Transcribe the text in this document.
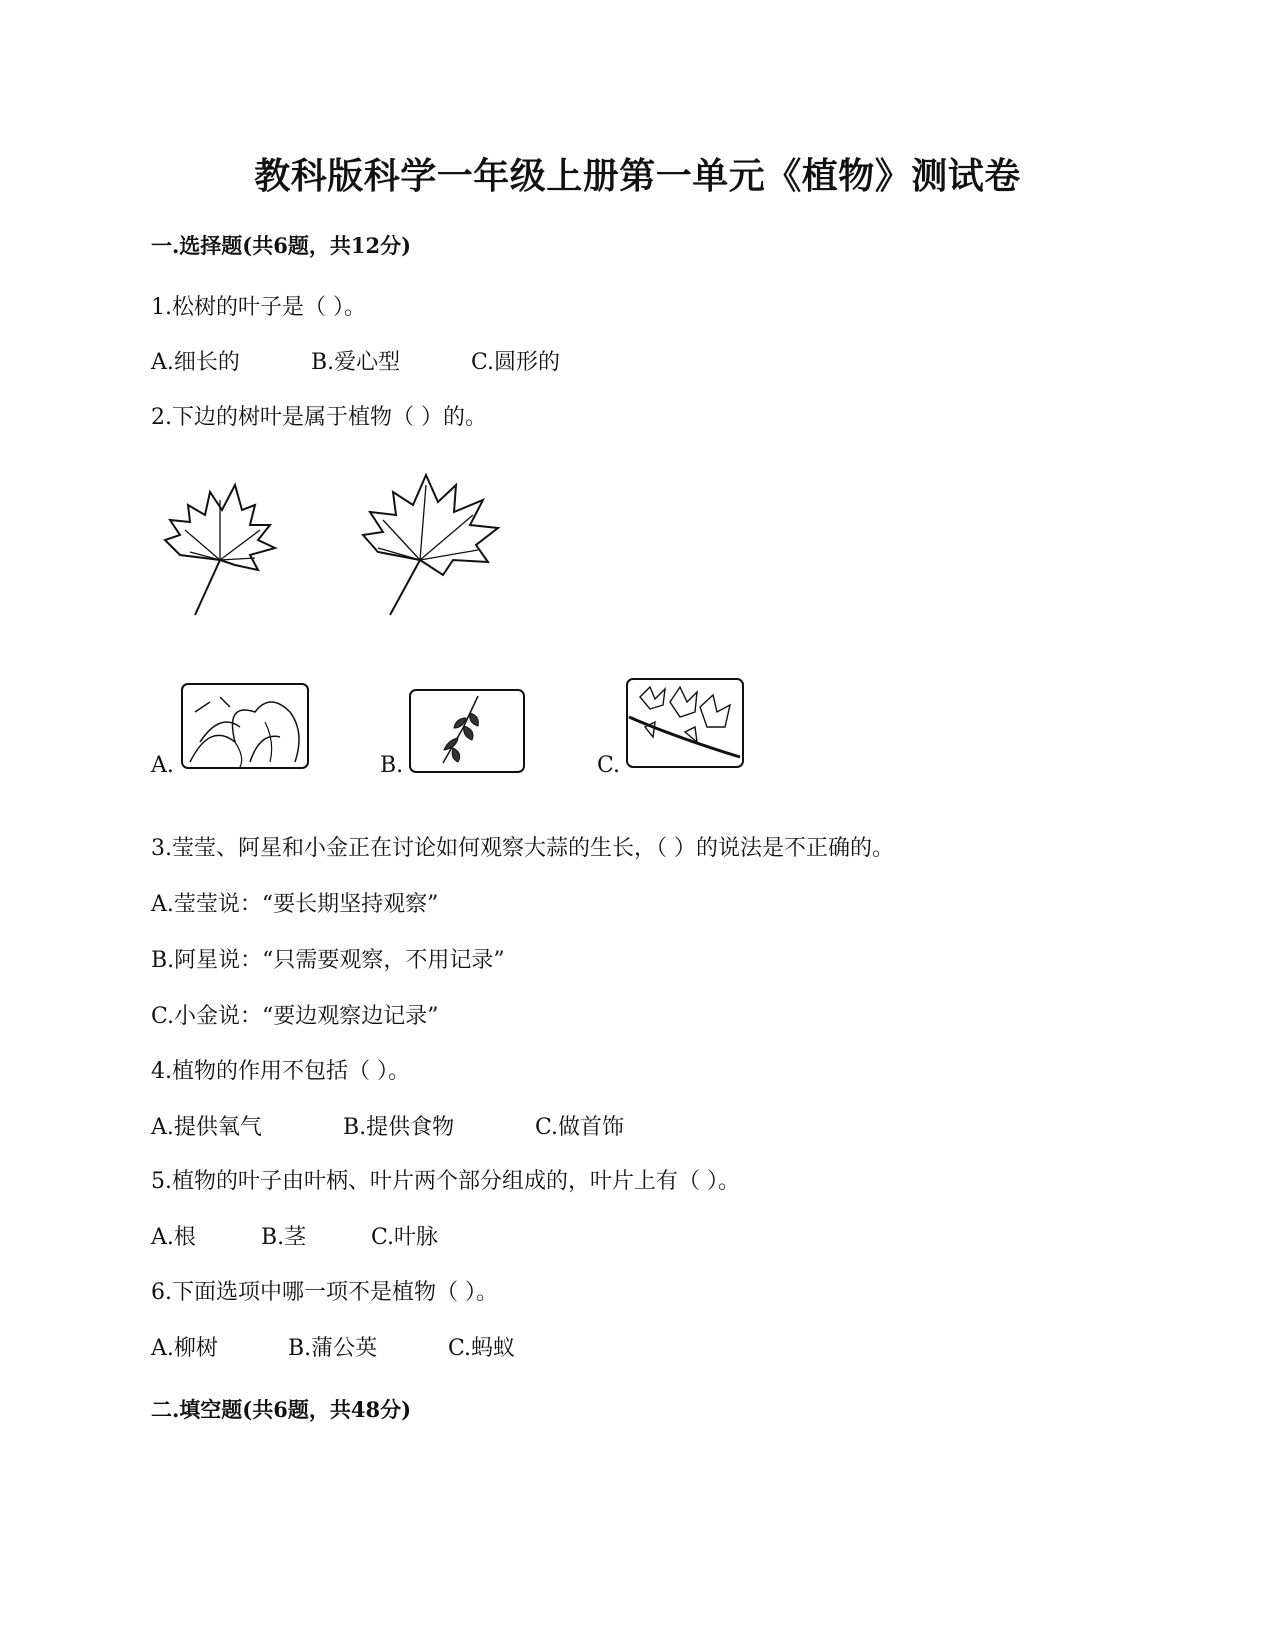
教科版科学一年级上册第一单元《植物》测试卷
一.选择题(共6题，共12分)
1.松树的叶子是（ ）。
A.细长的	B.爱心型	C.圆形的
2.下边的树叶是属于植物（ ）的。
A.	B.	C.
3.莹莹、阿星和小金正在讨论如何观察大蒜的生长，（ ）的说法是不正确的。
A.莹莹说：“要长期坚持观察”
B.阿星说：“只需要观察，不用记录”
C.小金说：“要边观察边记录”
4.植物的作用不包括（ ）。
A.提供氧气	B.提供食物	C.做首饰
5.植物的叶子由叶柄、叶片两个部分组成的，叶片上有（ ）。
A.根	B.茎	C.叶脉
6.下面选项中哪一项不是植物（ ）。
A.柳树	B.蒲公英	C.蚂蚁
二.填空题(共6题，共48分)
